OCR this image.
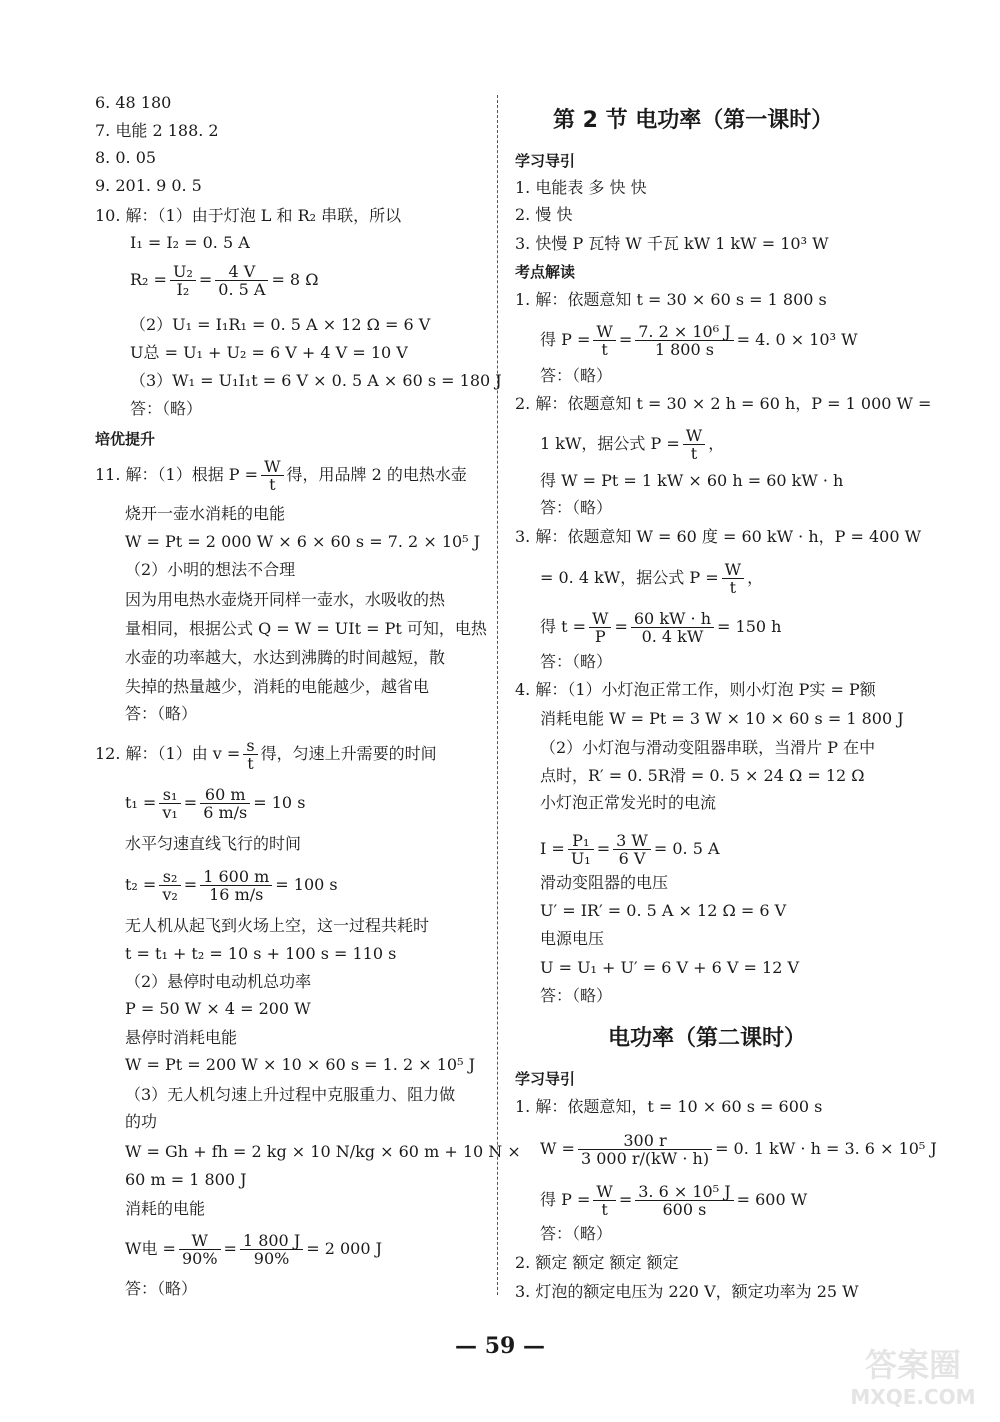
6. 48 180
7. 电能 2 188. 2
8. 0. 05
9. 201. 9 0. 5
10. 解：（1）由于灯泡 L 和 R₂ 串联，所以
I₁ = I₂ = 0. 5 A
$R_2 = \frac{\text{U₂}}{\text{I₂}} = \frac{4 V}{0. 5 A} = 8$ Ω
（2）U₁ = I₁R₁ = 0. 5 A × 12 Ω = 6 V
U总 = U₁ + U₂ = 6 V + 4 V = 10 V
（3）W₁ = U₁I₁t = 6 V × 0. 5 A × 60 s = 180 J
答：（略）
培优提升
11. 解：（1）根据 $P = \frac{W}{t}$ 得，用品牌 2 的电热水壶
烧开一壶水消耗的电能
W = Pt = 2 000 W × 6 × 60 s = 7. 2 × 10⁵ J
（2）小明的想法不合理
因为用电热水壶烧开同样一壶水，水吸收的热
量相同，根据公式 Q = W = UIt = Pt 可知，电热
水壶的功率越大，水达到沸腾的时间越短，散
失掉的热量越少，消耗的电能越少，越省电
答：（略）
12. 解：（1）由 $v = \frac{s}{t}$ 得，匀速上升需要的时间
$t_1 = \frac{\text{s₁}}{\text{v₁}} = \frac{60 m}{6 m/s} = 10$ s
水平匀速直线飞行的时间
$t_2 = \frac{\text{s₂}}{\text{v₂}} = \frac{1 600 m}{16 m/s} = 100$ s
无人机从起飞到火场上空，这一过程共耗时
t = t₁ + t₂ = 10 s + 100 s = 110 s
（2）悬停时电动机总功率
P = 50 W × 4 = 200 W
悬停时消耗电能
W = Pt = 200 W × 10 × 60 s = 1. 2 × 10⁵ J
（3）无人机匀速上升过程中克服重力、阻力做
的功
W = Gh + fh = 2 kg × 10 N/kg × 60 m + 10 N ×
60 m = 1 800 J
消耗的电能
W电 = $\frac{W}{90\%} = \frac{1 800 J}{90\%} = 2$ 000 J
答：（略）
第 2 节 电功率（第一课时）
学习导引
1. 电能表 多 快 快
2. 慢 快
3. 快慢 P 瓦特 W 千瓦 kW 1 kW = 10³ W
考点解读
1. 解：依题意知 t = 30 × 60 s = 1 800 s
得 $P = \frac{W}{t} = \frac{\text{7. 2 × 10⁶ J}}{1 800 s} = 4$. 0 × 10³ W
答：（略）
2. 解：依题意知 t = 30 × 2 h = 60 h，P = 1 000 W =
1 kW，据公式 $P = \frac{W}{t}$ ，
得 W = Pt = 1 kW × 60 h = 60 kW · h
答：（略）
3. 解：依题意知 W = 60 度 = 60 kW · h，P = 400 W
= 0. 4 kW，据公式 $P = \frac{W}{t}$ ，
得 $t = \frac{W}{P} = \frac{60 kW \cdot h}{0. 4 kW} = 150$ h
答：（略）
4. 解：（1）小灯泡正常工作，则小灯泡 P实 = P额
消耗电能 W = Pt = 3 W × 10 × 60 s = 1 800 J
（2）小灯泡与滑动变阻器串联，当滑片 P 在中
点时，R′ = 0. 5R滑 = 0. 5 × 24 Ω = 12 Ω
小灯泡正常发光时的电流
$I = \frac{\text{P₁}}{\text{U₁}} = \frac{3 W}{6 V} = 0$. 5 A
滑动变阻器的电压
U′ = IR′ = 0. 5 A × 12 Ω = 6 V
电源电压
U = U₁ + U′ = 6 V + 6 V = 12 V
答：（略）
电功率（第二课时）
学习导引
1. 解：依题意知，t = 10 × 60 s = 600 s
$W = \frac{300 r}{3 000 r/(kW \cdot h)} = 0$. 1 kW · h = 3. 6 × 10⁵ J
得 $P = \frac{W}{t} = \frac{\text{3. 6 × 10⁵ J}}{600 s} = 600$ W
答：（略）
2. 额定 额定 额定 额定
3. 灯泡的额定电压为 220 V，额定功率为 25 W
— 59 —	答案圈
MXQE.COM
